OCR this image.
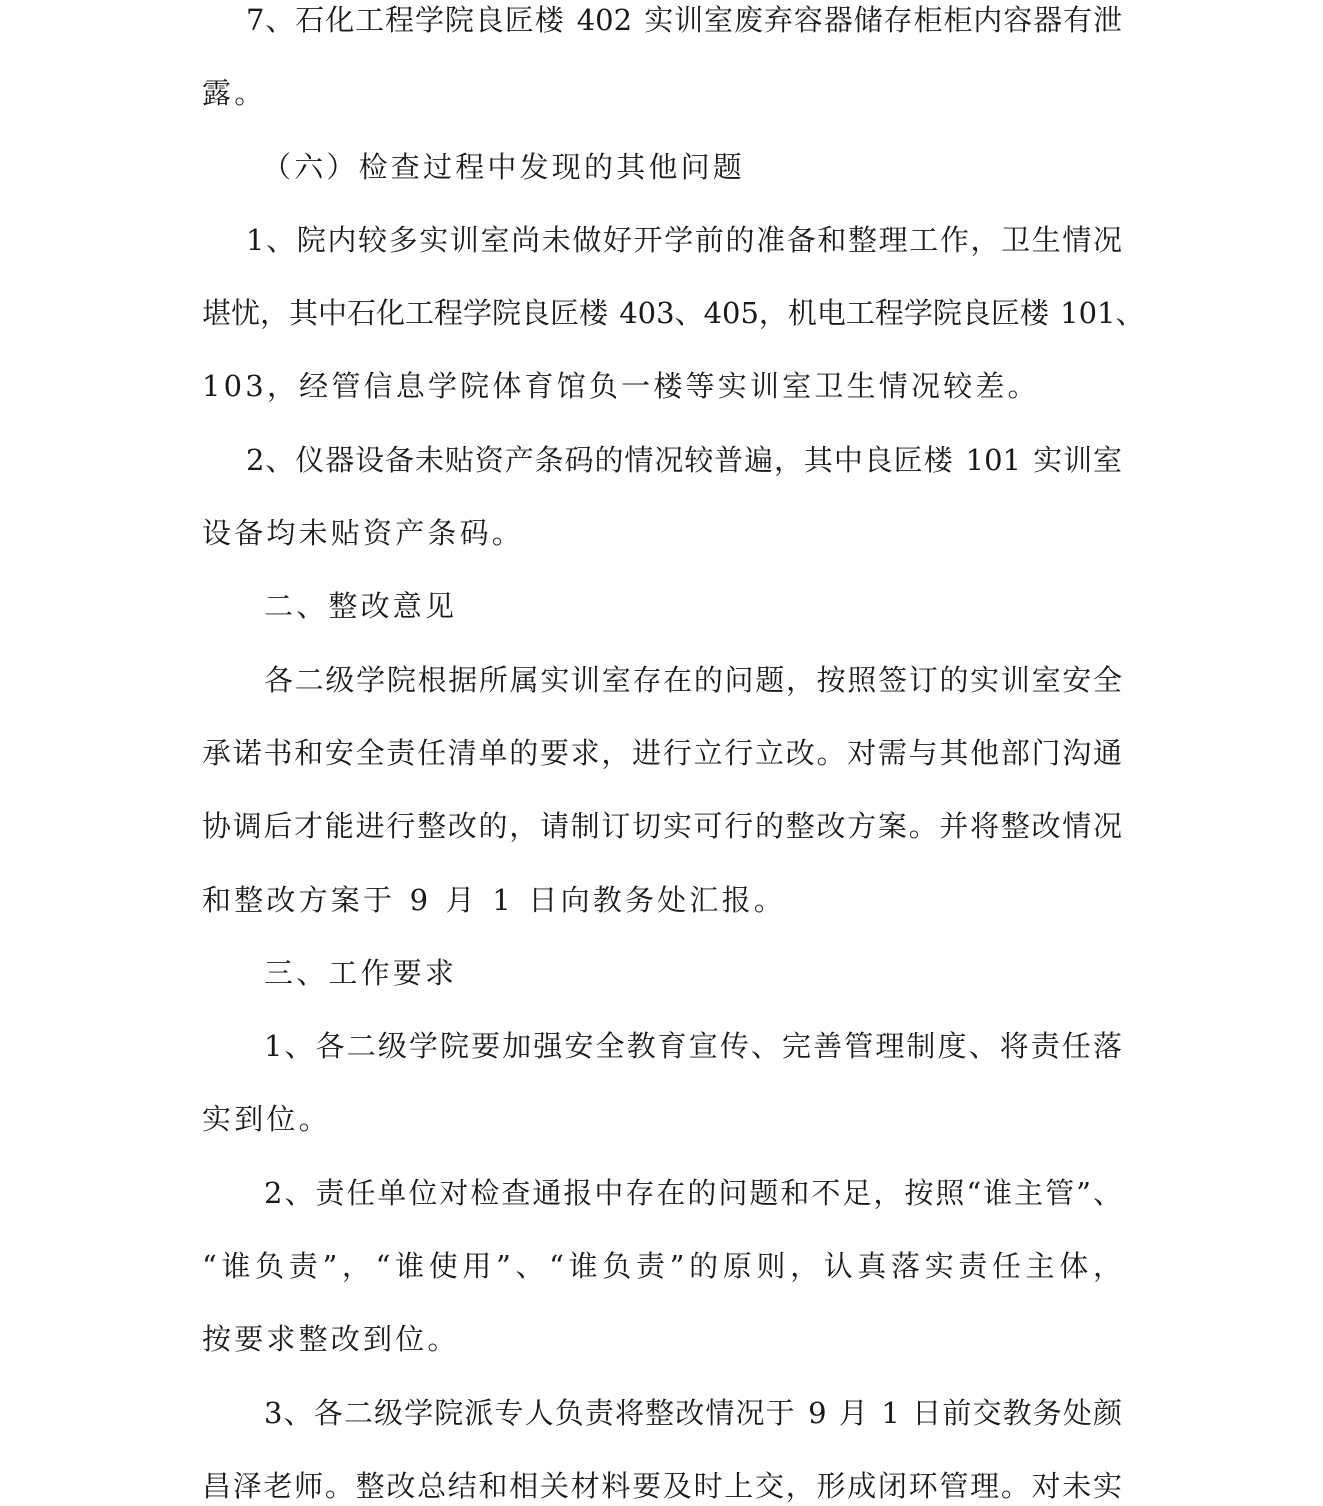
7、石化工程学院良匠楼 402 实训室废弃容器储存柜柜内容器有泄
露。
（六）检查过程中发现的其他问题
1、院内较多实训室尚未做好开学前的准备和整理工作，卫生情况
堪忧，其中石化工程学院良匠楼 403、405，机电工程学院良匠楼 101、
103，经管信息学院体育馆负一楼等实训室卫生情况较差。
2、仪器设备未贴资产条码的情况较普遍，其中良匠楼 101 实训室
设备均未贴资产条码。
二、整改意见
各二级学院根据所属实训室存在的问题，按照签订的实训室安全
承诺书和安全责任清单的要求，进行立行立改。对需与其他部门沟通
协调后才能进行整改的，请制订切实可行的整改方案。并将整改情况
和整改方案于 9 月 1 日向教务处汇报。
三、工作要求
1、各二级学院要加强安全教育宣传、完善管理制度、将责任落
实到位。
2、责任单位对检查通报中存在的问题和不足，按照“谁主管”、
“谁负责”，“谁使用”、“谁负责”的原则，认真落实责任主体，
按要求整改到位。
3、各二级学院派专人负责将整改情况于 9 月 1 日前交教务处颜
昌泽老师。整改总结和相关材料要及时上交，形成闭环管理。对未实
